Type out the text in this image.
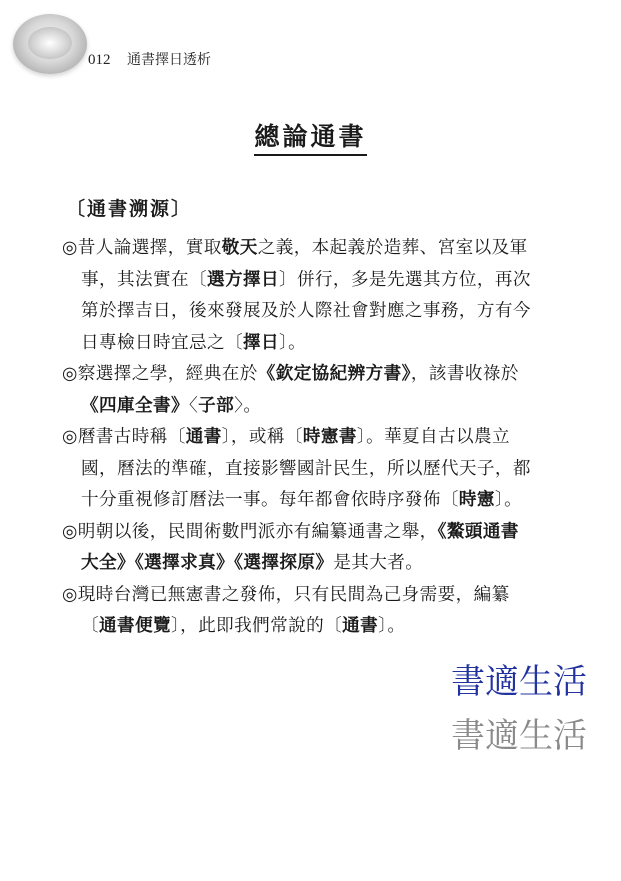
012 通書擇日透析
總論通書
〔通書溯源〕
◎昔人論選擇，實取敬天之義，本起義於造葬、宮室以及軍
事，其法實在〔選方擇日〕併行，多是先選其方位，再次
第於擇吉日，後來發展及於人際社會對應之事務，方有今
日專檢日時宜忌之〔擇日〕。
◎察選擇之學，經典在於《欽定協紀辨方書》，該書收祿於
《四庫全書》〈子部〉。
◎曆書古時稱〔通書〕，或稱〔時憲書〕。華夏自古以農立
國，曆法的準確，直接影響國計民生，所以歷代天子，都
十分重視修訂曆法一事。每年都會依時序發佈〔時憲〕。
◎明朝以後，民間術數門派亦有編纂通書之舉，《鰲頭通書
大全》《選擇求真》《選擇探原》是其大者。
◎現時台灣已無憲書之發佈，只有民間為己身需要，編纂
〔通書便覽〕，此即我們常說的〔通書〕。
書適生活
書適生活
